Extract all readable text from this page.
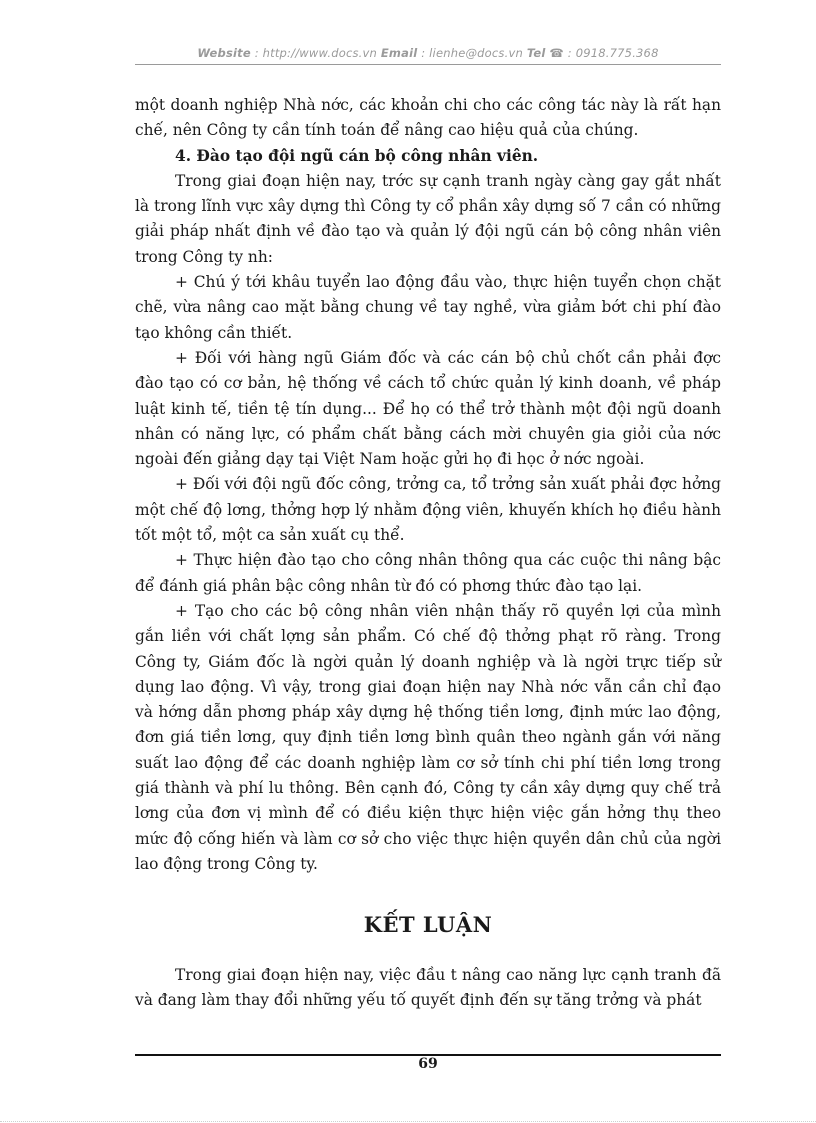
Website : http://www.docs.vn Email : lienhe@docs.vn Tel ☎ : 0918.775.368

một doanh nghiệp Nhà nớc, các khoản chi cho các công tác này là rất hạn chế, nên Công ty cần tính toán để nâng cao hiệu quả của chúng.

4. Đào tạo đội ngũ cán bộ công nhân viên.

Trong giai đoạn hiện nay, trớc sự cạnh tranh ngày càng gay gắt nhất là trong lĩnh vực xây dựng thì Công ty cổ phần xây dựng số 7 cần có những giải pháp nhất định về đào tạo và quản lý đội ngũ cán bộ công nhân viên trong Công ty nh:

+ Chú ý tới khâu tuyển lao động đầu vào, thực hiện tuyển chọn chặt chẽ, vừa nâng cao mặt bằng chung về tay nghề, vừa giảm bớt chi phí đào tạo không cần thiết.

+ Đối với hàng ngũ Giám đốc và các cán bộ chủ chốt cần phải đợc đào tạo có cơ bản, hệ thống về cách tổ chức quản lý kinh doanh, về pháp luật kinh tế, tiền tệ tín dụng... Để họ có thể trở thành một đội ngũ doanh nhân có năng lực, có phẩm chất bằng cách mời chuyên gia giỏi của nớc ngoài đến giảng dạy tại Việt Nam hoặc gửi họ đi học ở nớc ngoài.

+ Đối với đội ngũ đốc công, trởng ca, tổ trởng sản xuất phải đợc hởng một chế độ lơng, thởng hợp lý nhằm động viên, khuyến khích họ điều hành tốt một tổ, một ca sản xuất cụ thể.

+ Thực hiện đào tạo cho công nhân thông qua các cuộc thi nâng bậc để đánh giá phân bậc công nhân từ đó có phơng thức đào tạo lại.

+ Tạo cho các bộ công nhân viên nhận thấy rõ quyền lợi của mình gắn liền với chất lợng sản phẩm. Có chế độ thởng phạt rõ ràng. Trong Công ty, Giám đốc là ngời quản lý doanh nghiệp và là ngời trực tiếp sử dụng lao động. Vì vậy, trong giai đoạn hiện nay Nhà nớc vẫn cần chỉ đạo và hớng dẫn phơng pháp xây dựng hệ thống tiền lơng, định mức lao động, đơn giá tiền lơng, quy định tiền lơng bình quân theo ngành gắn với năng suất lao động để các doanh nghiệp làm cơ sở tính chi phí tiền lơng trong giá thành và phí lu thông. Bên cạnh đó, Công ty cần xây dựng quy chế trả lơng của đơn vị mình để có điều kiện thực hiện việc gắn hởng thụ theo mức độ cống hiến và làm cơ sở cho việc thực hiện quyền dân chủ của ngời lao động trong Công ty.

KẾT LUẬN

Trong giai đoạn hiện nay, việc đầu t nâng cao năng lực cạnh tranh đã và đang làm thay đổi những yếu tố quyết định đến sự tăng trởng và phát

69
